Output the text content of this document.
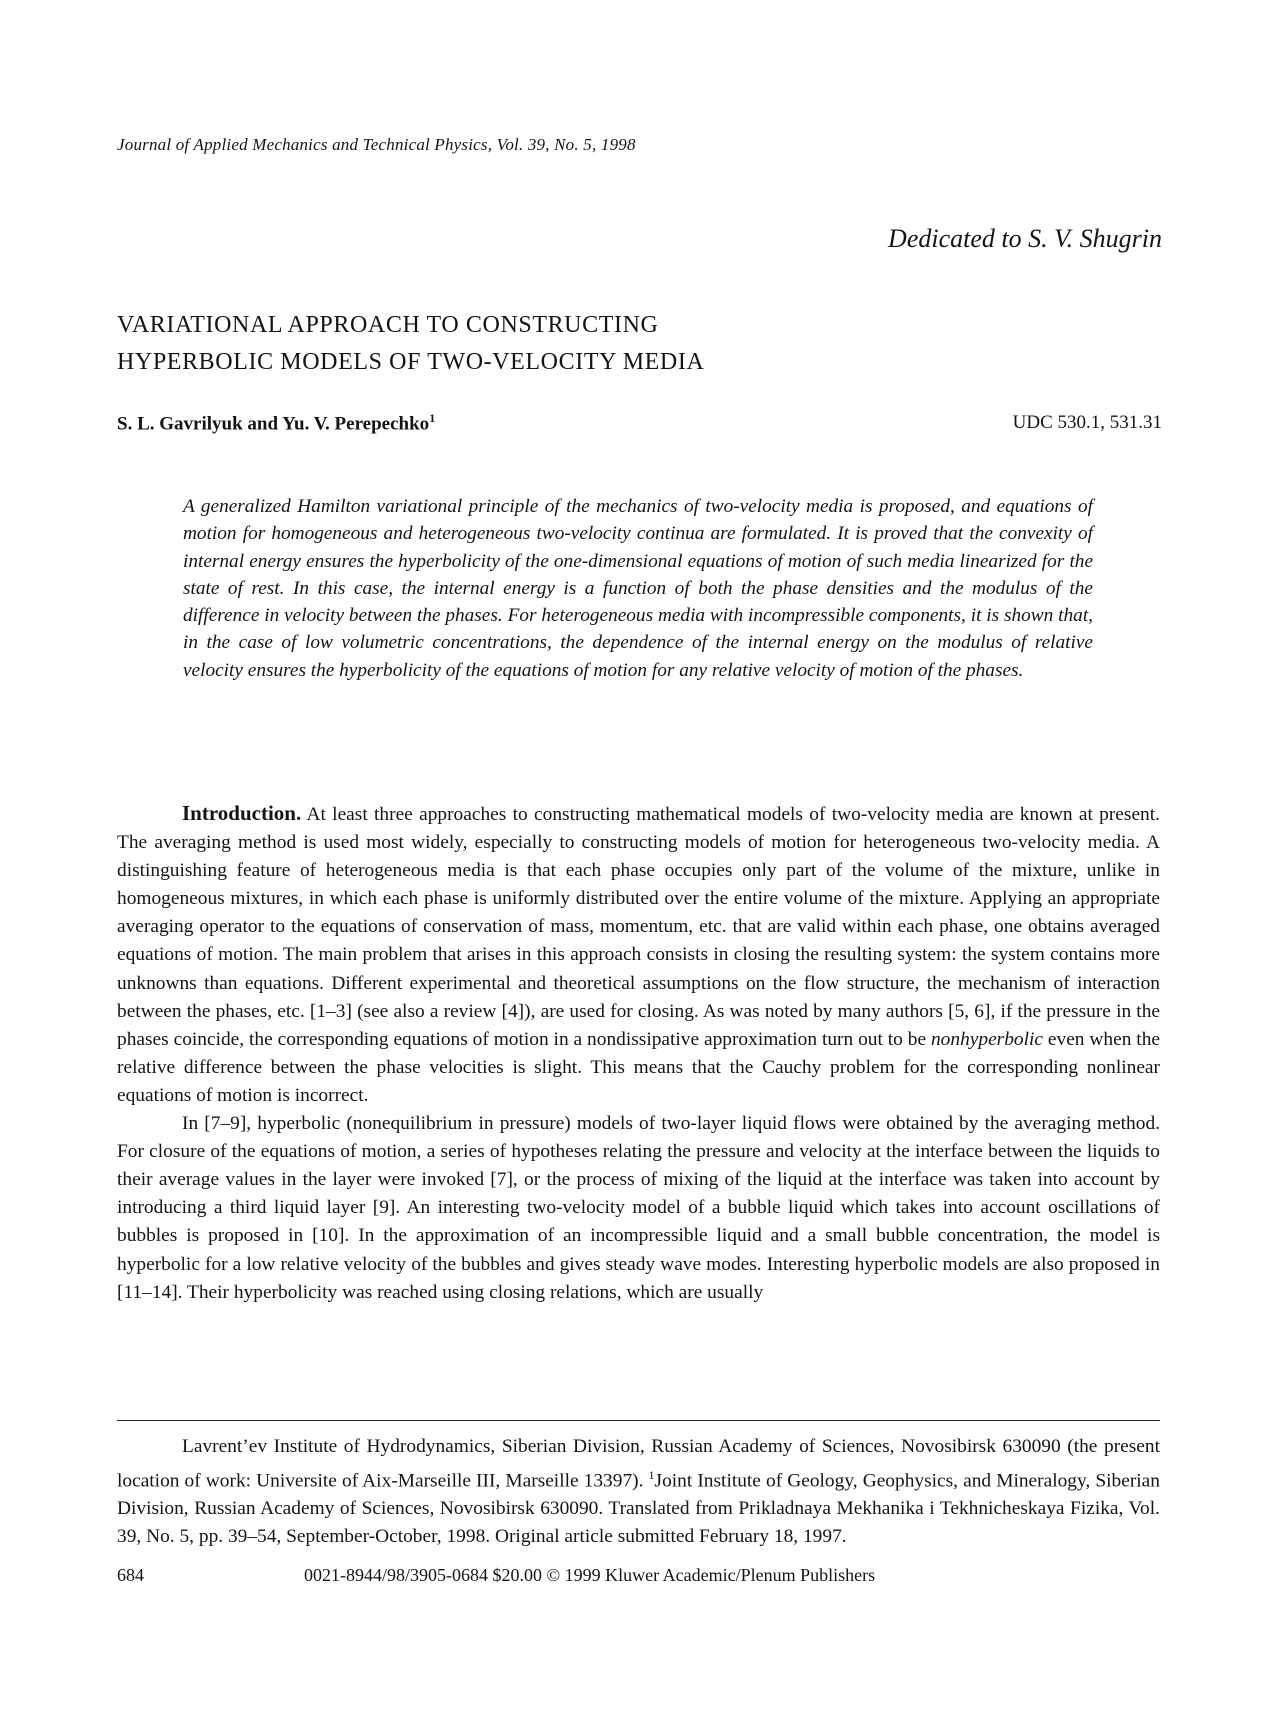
Journal of Applied Mechanics and Technical Physics, Vol. 39, No. 5, 1998
Dedicated to S. V. Shugrin
VARIATIONAL APPROACH TO CONSTRUCTING
HYPERBOLIC MODELS OF TWO-VELOCITY MEDIA
S. L. Gavrilyuk and Yu. V. Perepechko$^1$	UDC 530.1, 531.31

A generalized Hamilton variational principle of the mechanics of two-velocity media is proposed, and equations of motion for homogeneous and heterogeneous two-velocity continua are formulated. It is proved that the convexity of internal energy ensures the hyperbolicity of the one-dimensional equations of motion of such media linearized for the state of rest. In this case, the internal energy is a function of both the phase densities and the modulus of the difference in velocity between the phases. For heterogeneous media with incompressible components, it is shown that, in the case of low volumetric concentrations, the dependence of the internal energy on the modulus of relative velocity ensures the hyperbolicity of the equations of motion for any relative velocity of motion of the phases.

Introduction. At least three approaches to constructing mathematical models of two-velocity media are known at present. The averaging method is used most widely, especially to constructing models of motion for heterogeneous two-velocity media. A distinguishing feature of heterogeneous media is that each phase occupies only part of the volume of the mixture, unlike in homogeneous mixtures, in which each phase is uniformly distributed over the entire volume of the mixture. Applying an appropriate averaging operator to the equations of conservation of mass, momentum, etc. that are valid within each phase, one obtains averaged equations of motion. The main problem that arises in this approach consists in closing the resulting system: the system contains more unknowns than equations. Different experimental and theoretical assumptions on the flow structure, the mechanism of interaction between the phases, etc. [1–3] (see also a review [4]), are used for closing. As was noted by many authors [5, 6], if the pressure in the phases coincide, the corresponding equations of motion in a nondissipative approximation turn out to be nonhyperbolic even when the relative difference between the phase velocities is slight. This means that the Cauchy problem for the corresponding nonlinear equations of motion is incorrect.

In [7–9], hyperbolic (nonequilibrium in pressure) models of two-layer liquid flows were obtained by the averaging method. For closure of the equations of motion, a series of hypotheses relating the pressure and velocity at the interface between the liquids to their average values in the layer were invoked [7], or the process of mixing of the liquid at the interface was taken into account by introducing a third liquid layer [9]. An interesting two-velocity model of a bubble liquid which takes into account oscillations of bubbles is proposed in [10]. In the approximation of an incompressible liquid and a small bubble concentration, the model is hyperbolic for a low relative velocity of the bubbles and gives steady wave modes. Interesting hyperbolic models are also proposed in [11–14]. Their hyperbolicity was reached using closing relations, which are usually

Lavrent’ev Institute of Hydrodynamics, Siberian Division, Russian Academy of Sciences, Novosibirsk 630090 (the present location of work: Universite of Aix-Marseille III, Marseille 13397). $^1$Joint Institute of Geology, Geophysics, and Mineralogy, Siberian Division, Russian Academy of Sciences, Novosibirsk 630090. Translated from Prikladnaya Mekhanika i Tekhnicheskaya Fizika, Vol. 39, No. 5, pp. 39–54, September-October, 1998. Original article submitted February 18, 1997.

684	0021-8944/98/3905-0684 $20.00 © 1999 Kluwer Academic/Plenum Publishers
